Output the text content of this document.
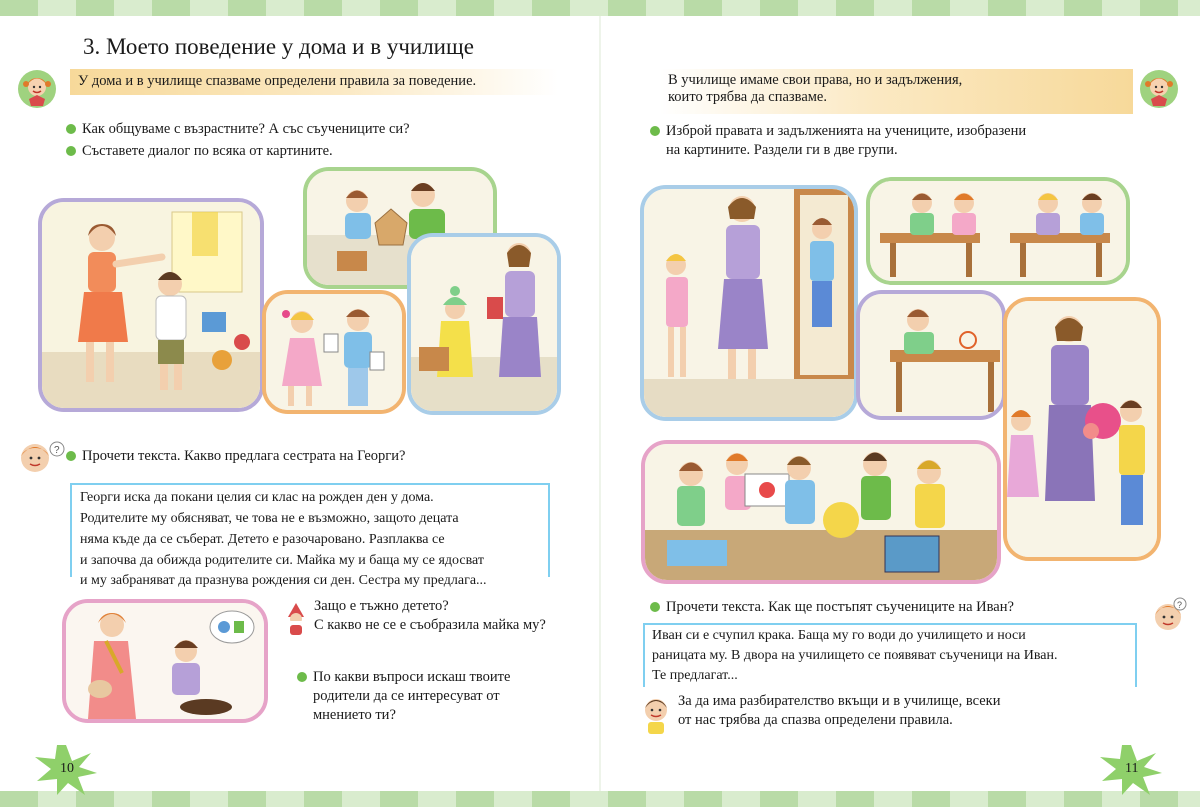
3. Моето поведение у дома и в училище
У дома и в училище спазваме определени правила за поведение.
Как общуваме с възрастните? А със съучениците си?
Съставете диалог по всяка от картините.
? Прочети текста. Какво предлага сестрата на Георги?
Георги иска да покани целия си клас на рожден ден у дома.
Родителите му обясняват, че това не е възможно, защото децата
няма къде да се съберат. Детето е разочаровано. Разплаква се
и започва да обижда родителите си. Майка му и баща му се ядосват
и му забраняват да празнува рождения си ден. Сестра му предлага...
Защо е тъжно детето?
С какво не се е съобразила майка му?
По какви въпроси искаш твоите
родители да се интересуват от
мнението ти?
10
В училище имаме свои права, но и задължения,
които трябва да спазваме.
Изброй правата и задълженията на учениците, изобразени
на картините. Раздели ги в две групи.
Прочети текста. Как ще постъпят съучениците на Иван?	?
Иван си е счупил крака. Баща му го води до училището и носи
раницата му. В двора на училището се появяват съученици на Иван.
Те предлагат...
За да има разбирателство вкъщи и в училище, всеки
от нас трябва да спазва определени правила.
11
